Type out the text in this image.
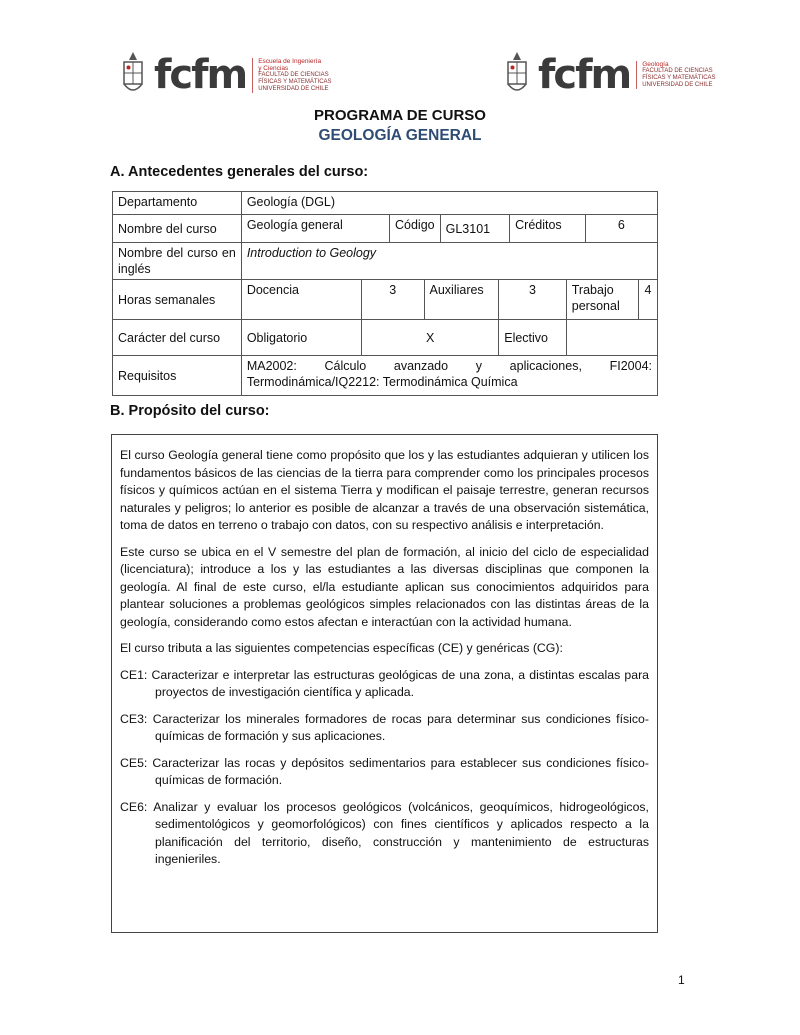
fcfm Escuela de Ingeniería
y Ciencias
FACULTAD DE CIENCIAS
FÍSICAS Y MATEMÁTICAS
UNIVERSIDAD DE CHILE	fcfm Geología
FACULTAD DE CIENCIAS
FÍSICAS Y MATEMÁTICAS
UNIVERSIDAD DE CHILE
PROGRAMA DE CURSO
GEOLOGÍA GENERAL
A. Antecedentes generales del curso:
Departamento	Geología (DGL)									
Nombre del curso	Geología general		Código		GL3101		Créditos		6	
Nombre del curso en inglés	Introduction to Geology									
Horas semanales	Docencia	3		Auxiliares		3		Trabajo personal		4
Carácter del curso	Obligatorio	X				Electivo				
Requisitos	MA2002: Cálculo avanzado y aplicaciones, FI2004: Termodinámica/IQ2212: Termodinámica Química									
B. Propósito del curso:

El curso Geología general tiene como propósito que los y las estudiantes adquieran y utilicen los fundamentos básicos de las ciencias de la tierra para comprender como los principales procesos físicos y químicos actúan en el sistema Tierra y modifican el paisaje terrestre, generan recursos naturales y peligros; lo anterior es posible de alcanzar a través de una observación sistemática, toma de datos en terreno o trabajo con datos, con su respectivo análisis e interpretación.

Este curso se ubica en el V semestre del plan de formación, al inicio del ciclo de especialidad (licenciatura); introduce a los y las estudiantes a las diversas disciplinas que componen la geología. Al final de este curso, el/la estudiante aplican sus conocimientos adquiridos para plantear soluciones a problemas geológicos simples relacionados con las distintas áreas de la geología, considerando como estos afectan e interactúan con la actividad humana.

El curso tributa a las siguientes competencias específicas (CE) y genéricas (CG):

CE1: Caracterizar e interpretar las estructuras geológicas de una zona, a distintas escalas para proyectos de investigación científica y aplicada.

CE3: Caracterizar los minerales formadores de rocas para determinar sus condiciones físico-químicas de formación y sus aplicaciones.

CE5: Caracterizar las rocas y depósitos sedimentarios para establecer sus condiciones físico-químicas de formación.

CE6: Analizar y evaluar los procesos geológicos (volcánicos, geoquímicos, hidrogeológicos, sedimentológicos y geomorfológicos) con fines científicos y aplicados respecto a la planificación del territorio, diseño, construcción y mantenimiento de estructuras ingenieriles.

1
